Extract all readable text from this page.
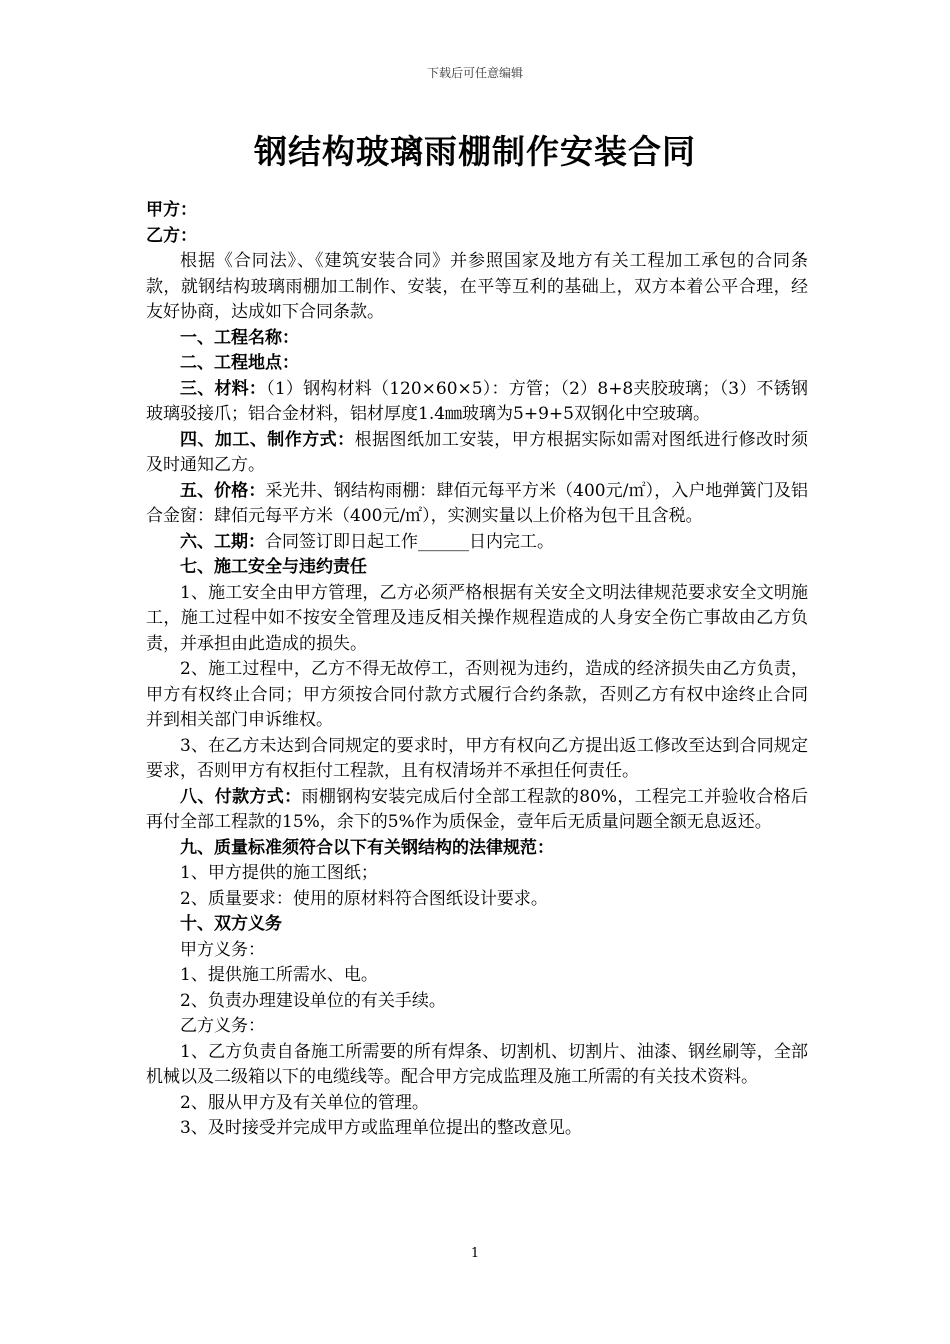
下载后可任意编辑
钢结构玻璃雨棚制作安装合同

甲方：

乙方：

根据《合同法》、《建筑安装合同》并参照国家及地方有关工程加工承包的合同条款，就钢结构玻璃雨棚加工制作、安装，在平等互利的基础上，双方本着公平合理，经友好协商，达成如下合同条款。

一、工程名称：

二、工程地点：

三、材料：（1）钢构材料（120×60×5）：方管；（2）8+8夹胶玻璃；（3）不锈钢玻璃驳接爪；铝合金材料，铝材厚度1.4㎜玻璃为5+9+5双钢化中空玻璃。

四、加工、制作方式：根据图纸加工安装，甲方根据实际如需对图纸进行修改时须及时通知乙方。

五、价格：采光井、钢结构雨棚：肆佰元每平方米（400元/㎡），入户地弹簧门及铝合金窗：肆佰元每平方米（400元/㎡），实测实量以上价格为包干且含税。

六、工期：合同签订即日起工作______日内完工。

七、施工安全与违约责任

1、施工安全由甲方管理，乙方必须严格根据有关安全文明法律规范要求安全文明施工，施工过程中如不按安全管理及违反相关操作规程造成的人身安全伤亡事故由乙方负责，并承担由此造成的损失。

2、施工过程中，乙方不得无故停工，否则视为违约，造成的经济损失由乙方负责，甲方有权终止合同；甲方须按合同付款方式履行合约条款，否则乙方有权中途终止合同并到相关部门申诉维权。

3、在乙方未达到合同规定的要求时，甲方有权向乙方提出返工修改至达到合同规定要求，否则甲方有权拒付工程款，且有权清场并不承担任何责任。

八、付款方式：雨棚钢构安装完成后付全部工程款的80%，工程完工并验收合格后再付全部工程款的15%，余下的5%作为质保金，壹年后无质量问题全额无息返还。

九、质量标准须符合以下有关钢结构的法律规范：

1、甲方提供的施工图纸；

2、质量要求：使用的原材料符合图纸设计要求。

十、双方义务

甲方义务：

1、提供施工所需水、电。

2、负责办理建设单位的有关手续。

乙方义务：

1、乙方负责自备施工所需要的所有焊条、切割机、切割片、油漆、钢丝刷等，全部机械以及二级箱以下的电缆线等。配合甲方完成监理及施工所需的有关技术资料。

2、服从甲方及有关单位的管理。

3、及时接受并完成甲方或监理单位提出的整改意见。

1
